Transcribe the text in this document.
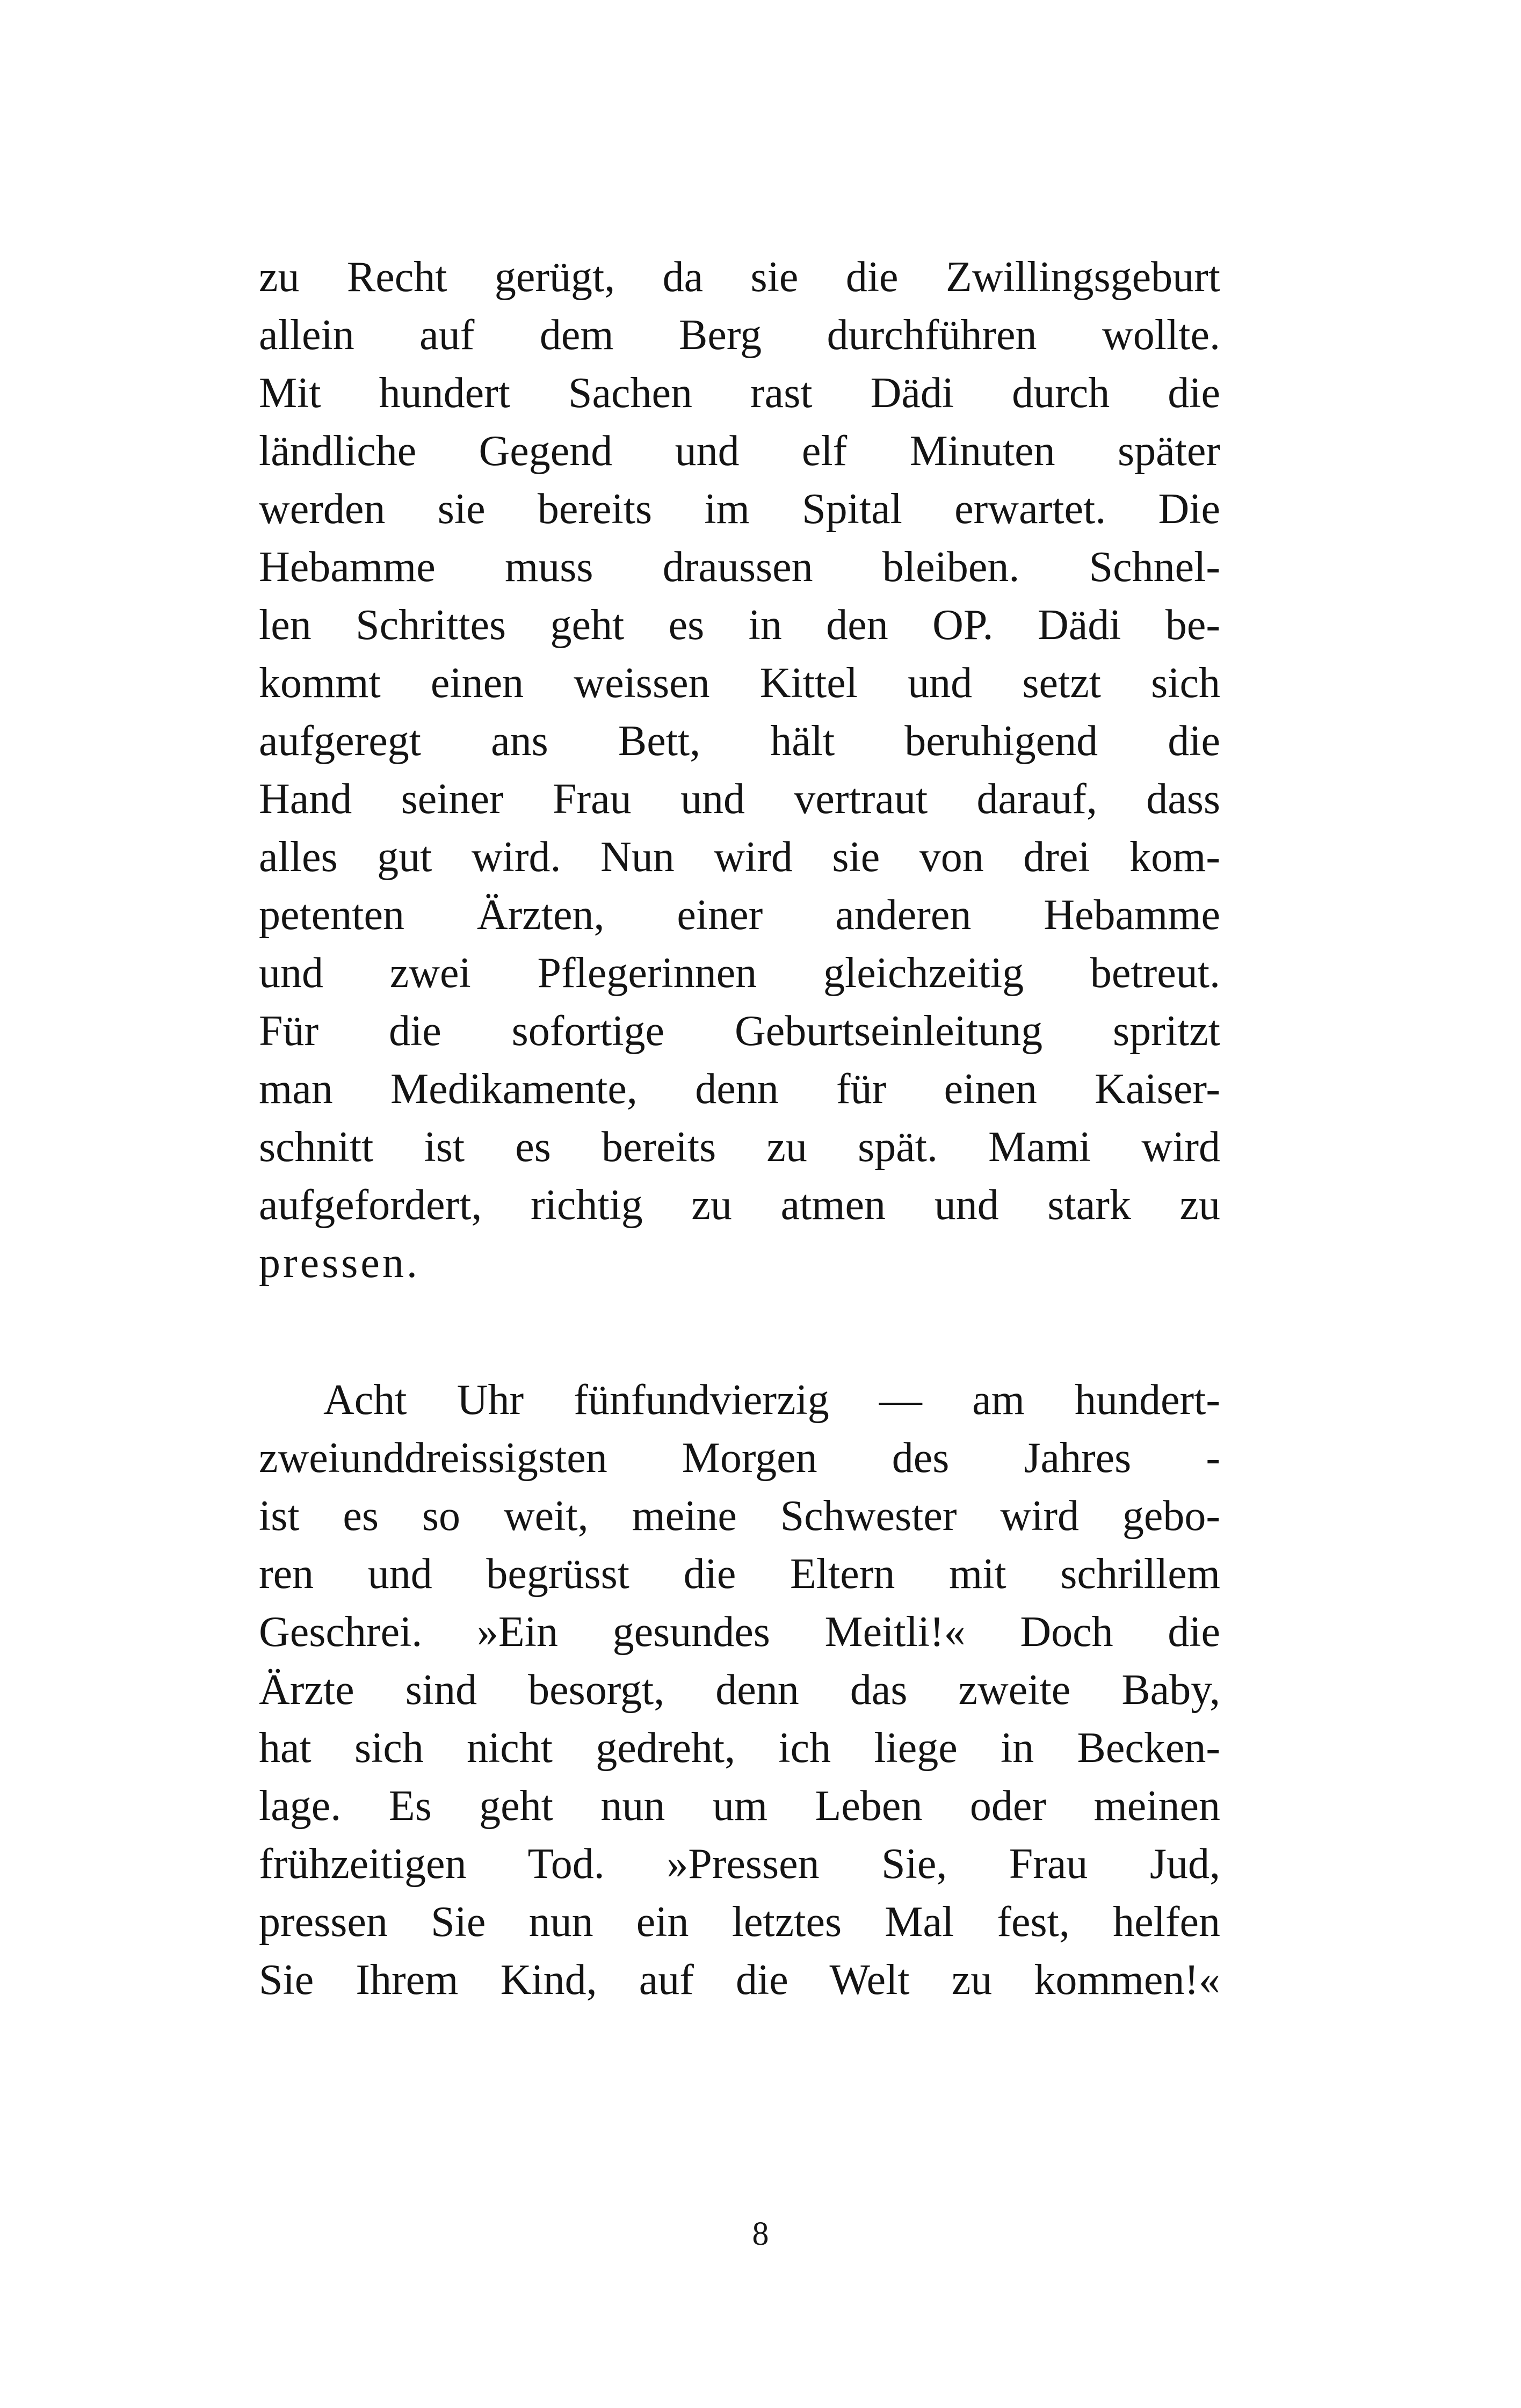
zu Recht gerügt, da sie die Zwillingsgeburt
allein auf dem Berg durchführen wollte.
Mit hundert Sachen rast Dädi durch die
ländliche Gegend und elf Minuten später
werden sie bereits im Spital erwartet. Die
Hebamme muss draussen bleiben. Schnel-
len Schrittes geht es in den OP. Dädi be-
kommt einen weissen Kittel und setzt sich
aufgeregt ans Bett, hält beruhigend die
Hand seiner Frau und vertraut darauf, dass
alles gut wird. Nun wird sie von drei kom-
petenten Ärzten, einer anderen Hebamme
und zwei Pflegerinnen gleichzeitig betreut.
Für die sofortige Geburtseinleitung spritzt
man Medikamente, denn für einen Kaiser-
schnitt ist es bereits zu spät. Mami wird
aufgefordert, richtig zu atmen und stark zu
pressen.
Acht Uhr fünfundvierzig — am hundert-
zweiunddreissigsten Morgen des Jahres -
ist es so weit, meine Schwester wird gebo-
ren und begrüsst die Eltern mit schrillem
Geschrei. »Ein gesundes Meitli!« Doch die
Ärzte sind besorgt, denn das zweite Baby,
hat sich nicht gedreht, ich liege in Becken-
lage. Es geht nun um Leben oder meinen
frühzeitigen Tod. »Pressen Sie, Frau Jud,
pressen Sie nun ein letztes Mal fest, helfen
Sie Ihrem Kind, auf die Welt zu kommen!«
8
